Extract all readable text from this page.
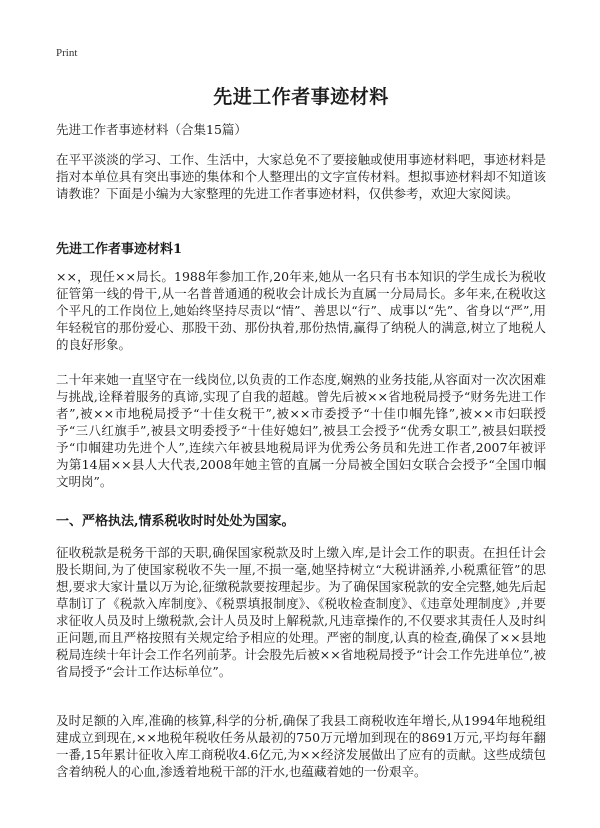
Print
先进工作者事迹材料

先进工作者事迹材料（合集15篇）

在平平淡淡的学习、工作、生活中，大家总免不了要接触或使用事迹材料吧，事迹材料是指对本单位具有突出事迹的集体和个人整理出的文字宣传材料。想拟事迹材料却不知道该请教谁？下面是小编为大家整理的先进工作者事迹材料，仅供参考，欢迎大家阅读。

先进工作者事迹材料1

××，现任××局长。1988年参加工作,20年来,她从一名只有书本知识的学生成长为税收征管第一线的骨干,从一名普普通通的税收会计成长为直属一分局局长。多年来,在税收这个平凡的工作岗位上,她始终坚持尽责以“情”、善思以“行”、成事以“先”、省身以“严”,用年轻税官的那份爱心、那股干劲、那份执着,那份热情,赢得了纳税人的满意,树立了地税人的良好形象。

二十年来她一直坚守在一线岗位,以负责的工作态度,娴熟的业务技能,从容面对一次次困难与挑战,诠释着服务的真谛,实现了自我的超越。曾先后被××省地税局授予“财务先进工作者”,被××市地税局授予“十佳女税干”,被××市委授予“十佳巾帼先锋”,被××市妇联授予“三八红旗手”,被县文明委授予“十佳好媳妇”,被县工会授予“优秀女职工”,被县妇联授予“巾帼建功先进个人”,连续六年被县地税局评为优秀公务员和先进工作者,2007年被评为第14届××县人大代表,2008年她主管的直属一分局被全国妇女联合会授予“全国巾帼文明岗”。

一、严格执法,情系税收时时处处为国家。

征收税款是税务干部的天职,确保国家税款及时上缴入库,是计会工作的职责。在担任计会股长期间,为了使国家税收不失一厘,不损一毫,她坚持树立“大税讲涵养,小税熏征管”的思想,要求大家计量以万为论,征缴税款要按理起步。为了确保国家税款的安全完整,她先后起草制订了《税款入库制度》、《税票填报制度》、《税收检查制度》、《违章处理制度》,并要求征收人员及时上缴税款,会计人员及时上解税款,凡违章操作的,不仅要求其责任人及时纠正问题,而且严格按照有关规定给予相应的处理。严密的制度,认真的检查,确保了××县地税局连续十年计会工作名列前茅。计会股先后被××省地税局授予“计会工作先进单位”,被省局授予“会计工作达标单位”。

及时足额的入库,准确的核算,科学的分析,确保了我县工商税收连年增长,从1994年地税组建成立到现在,××地税年税收任务从最初的750万元增加到现在的8691万元,平均每年翻一番,15年累计征收入库工商税收4.6亿元,为××经济发展做出了应有的贡献。这些成绩包含着纳税人的心血,渗透着地税干部的汗水,也蕴藏着她的一份艰辛。
